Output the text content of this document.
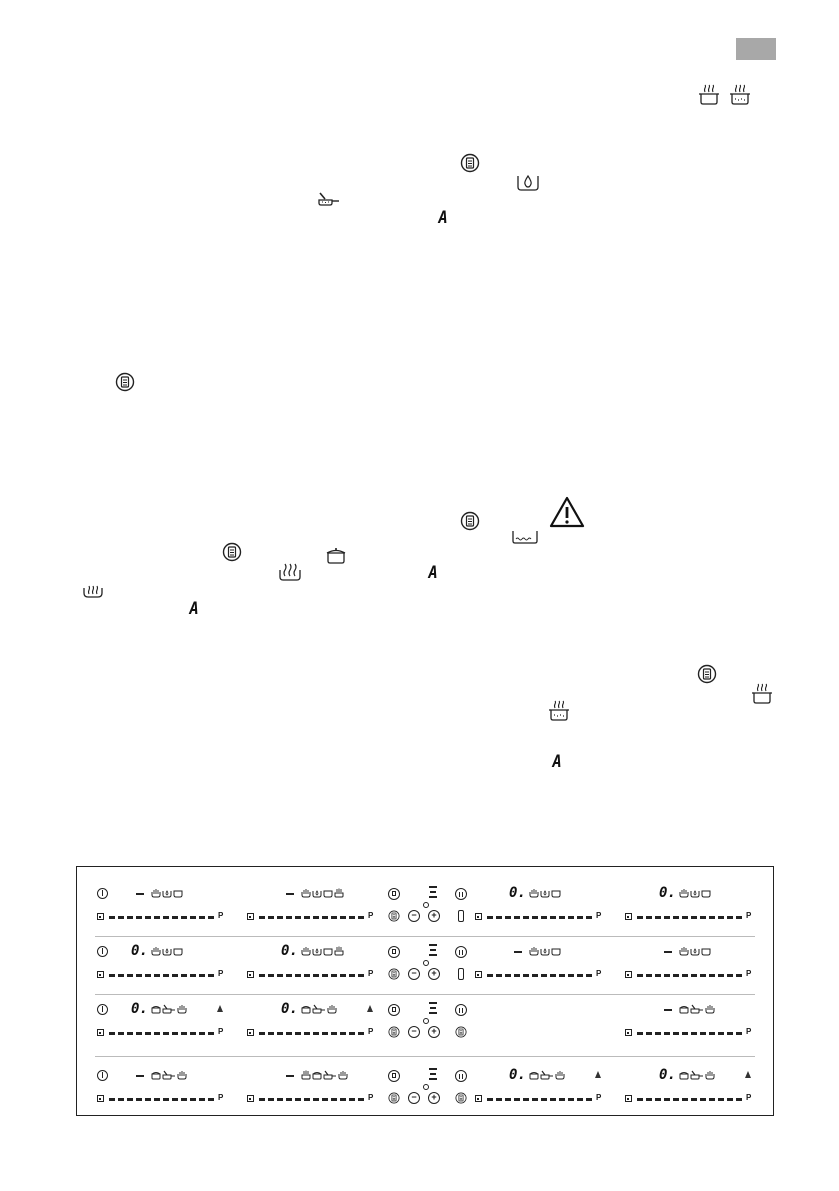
A
A
A
A
P	P
0.
P
0.
P
−	+
0.
P
0.
P	P	P
−	+
0.
P
0.
P	P
−	+
P	P
0.
P
0.
P
−	+
